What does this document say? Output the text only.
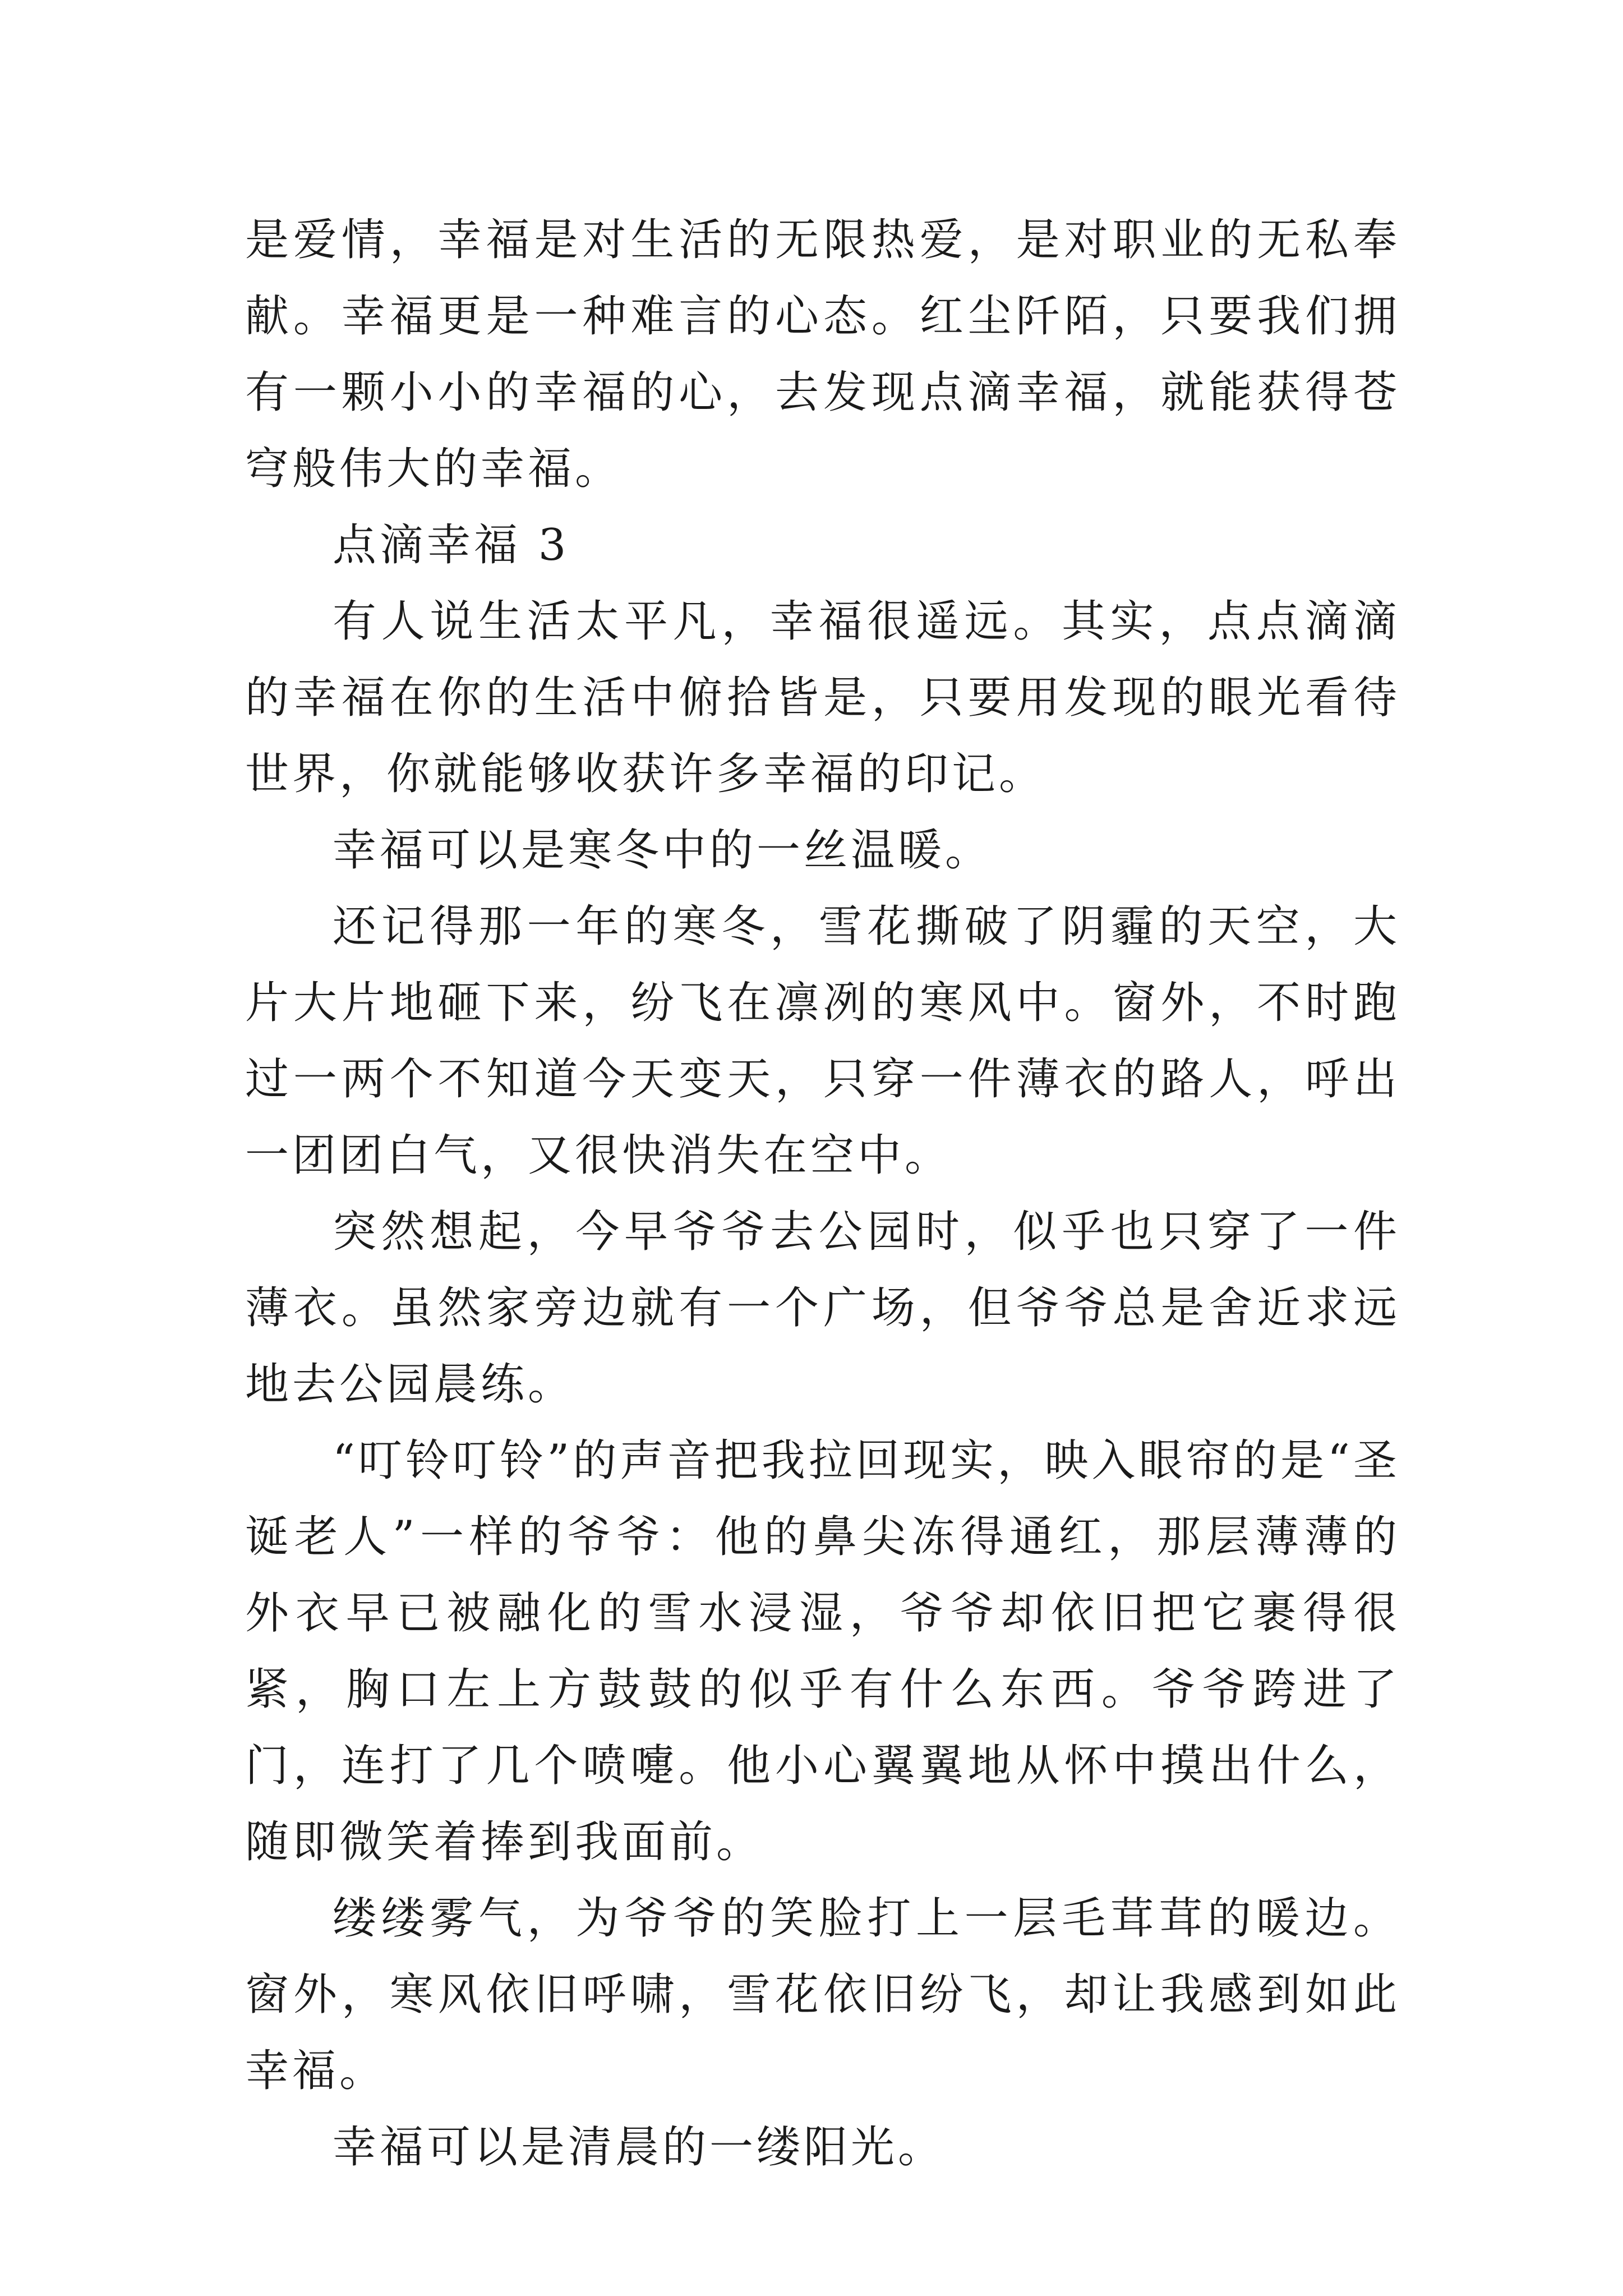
是爱情，幸福是对生活的无限热爱，是对职业的无私奉献。幸福更是一种难言的心态。红尘阡陌，只要我们拥有一颗小小的幸福的心，去发现点滴幸福，就能获得苍穹般伟大的幸福。

点滴幸福 3

有人说生活太平凡，幸福很遥远。其实，点点滴滴的幸福在你的生活中俯拾皆是，只要用发现的眼光看待世界，你就能够收获许多幸福的印记。

幸福可以是寒冬中的一丝温暖。

还记得那一年的寒冬，雪花撕破了阴霾的天空，大片大片地砸下来，纷飞在凛冽的寒风中。窗外，不时跑过一两个不知道今天变天，只穿一件薄衣的路人，呼出一团团白气，又很快消失在空中。

突然想起，今早爷爷去公园时，似乎也只穿了一件薄衣。虽然家旁边就有一个广场，但爷爷总是舍近求远地去公园晨练。

“叮铃叮铃”的声音把我拉回现实，映入眼帘的是“圣诞老人”一样的爷爷：他的鼻尖冻得通红，那层薄薄的外衣早已被融化的雪水浸湿，爷爷却依旧把它裹得很紧，胸口左上方鼓鼓的似乎有什么东西。爷爷跨进了门，连打了几个喷嚏。他小心翼翼地从怀中摸出什么，随即微笑着捧到我面前。

缕缕雾气，为爷爷的笑脸打上一层毛茸茸的暖边。窗外，寒风依旧呼啸，雪花依旧纷飞，却让我感到如此幸福。

幸福可以是清晨的一缕阳光。
